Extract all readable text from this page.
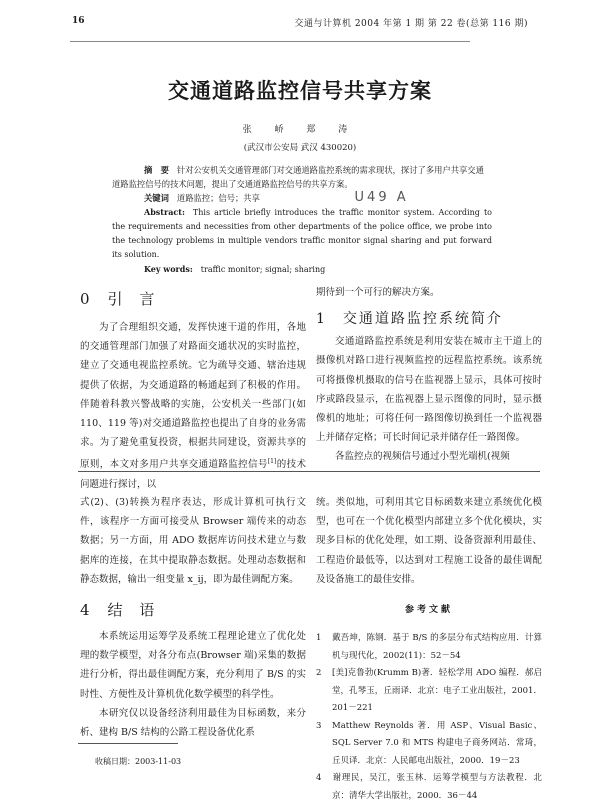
16	交通与计算机 2004 年第 1 期 第 22 卷(总第 116 期)
交通道路监控信号共享方案
张 峤 郑 涛
(武汉市公安局 武汉 430020)

摘　要 针对公安机关交通管理部门对交通道路监控系统的需求现状，探讨了多用户共享交通道路监控信号的技术问题，提出了交通道路监控信号的共享方案。

关键词 道路监控；信号；共享	U49 A

Abstract: This article briefly introduces the traffic monitor system. According to the requirements and necessities from other departments of the police office, we probe into the technology problems in multiple vendors traffic monitor signal sharing and put forward its solution.

Key words: traffic monitor; signal; sharing

0 引 言

为了合理组织交通，发挥快速干道的作用，各地的交通管理部门加强了对路面交通状况的实时监控，建立了交通电视监控系统。它为疏导交通、辖治违规提供了依据，为交通道路的畅通起到了积极的作用。伴随着科教兴警战略的实施，公安机关一些部门(如 110、119 等)对交通道路监控也提出了自身的业务需求。为了避免重复投资，根据共同建设，资源共享的原则，本文对多用户共享交通道路监控信号[1]的技术问题进行探讨，以

期待到一个可行的解决方案。

1 交通道路监控系统简介

交通道路监控系统是利用安装在城市主干道上的摄像机对路口进行视频监控的远程监控系统。该系统可将摄像机摄取的信号在监视器上显示，具体可按时序或路段显示，在监视器上显示图像的同时，显示摄像机的地址；可将任何一路图像切换到任一个监视器上并储存定格；可长时间记录并储存任一路图像。

各监控点的视频信号通过小型光端机(视频

式(2)、(3)转换为程序表达，形成计算机可执行文件，该程序一方面可接受从 Browser 端传来的动态数据；另一方面，用 ADO 数据库访问技术建立与数据库的连接，在其中提取静态数据。处理动态数据和静态数据，输出一组变量 x_ij，即为最佳调配方案。

4 结 语

本系统运用运筹学及系统工程理论建立了优化处理的数学模型，对各分布点(Browser 端)采集的数据进行分析，得出最佳调配方案，充分利用了 B/S 的实时性、方便性及计算机优化数学模型的科学性。

本研究仅以设备经济利用最佳为目标函数，来分析、建构 B/S 结构的公路工程设备优化系

统。类似地，可利用其它目标函数来建立系统优化模型，也可在一个优化模型内部建立多个优化模块，实现多目标的优化处理，如工期、设备资源利用最佳、工程造价最低等，以达到对工程施工设备的最佳调配及设备施工的最佳安排。

参考文献
1 戴吾坤，陈钢．基于 B/S 的多层分布式结构应用．计算机与现代化，2002(11)：52－54
2 [美]克鲁勃(Krumm B)著．轻松学用 ADO 编程．郝启堂，孔琴玉，丘雨译．北京：电子工业出版社，2001．201－221
3 Matthew Reynolds 著．用 ASP、Visual Basic、SQL Server 7.0 和 MTS 构建电子商务网站．常琦，丘贝译．北京：人民邮电出版社，2000．19－23
4 谢理民，吴江，张玉林．运筹学模型与方法教程．北京：清华大学出版社，2000．36－44
收稿日期：2003-11-03
